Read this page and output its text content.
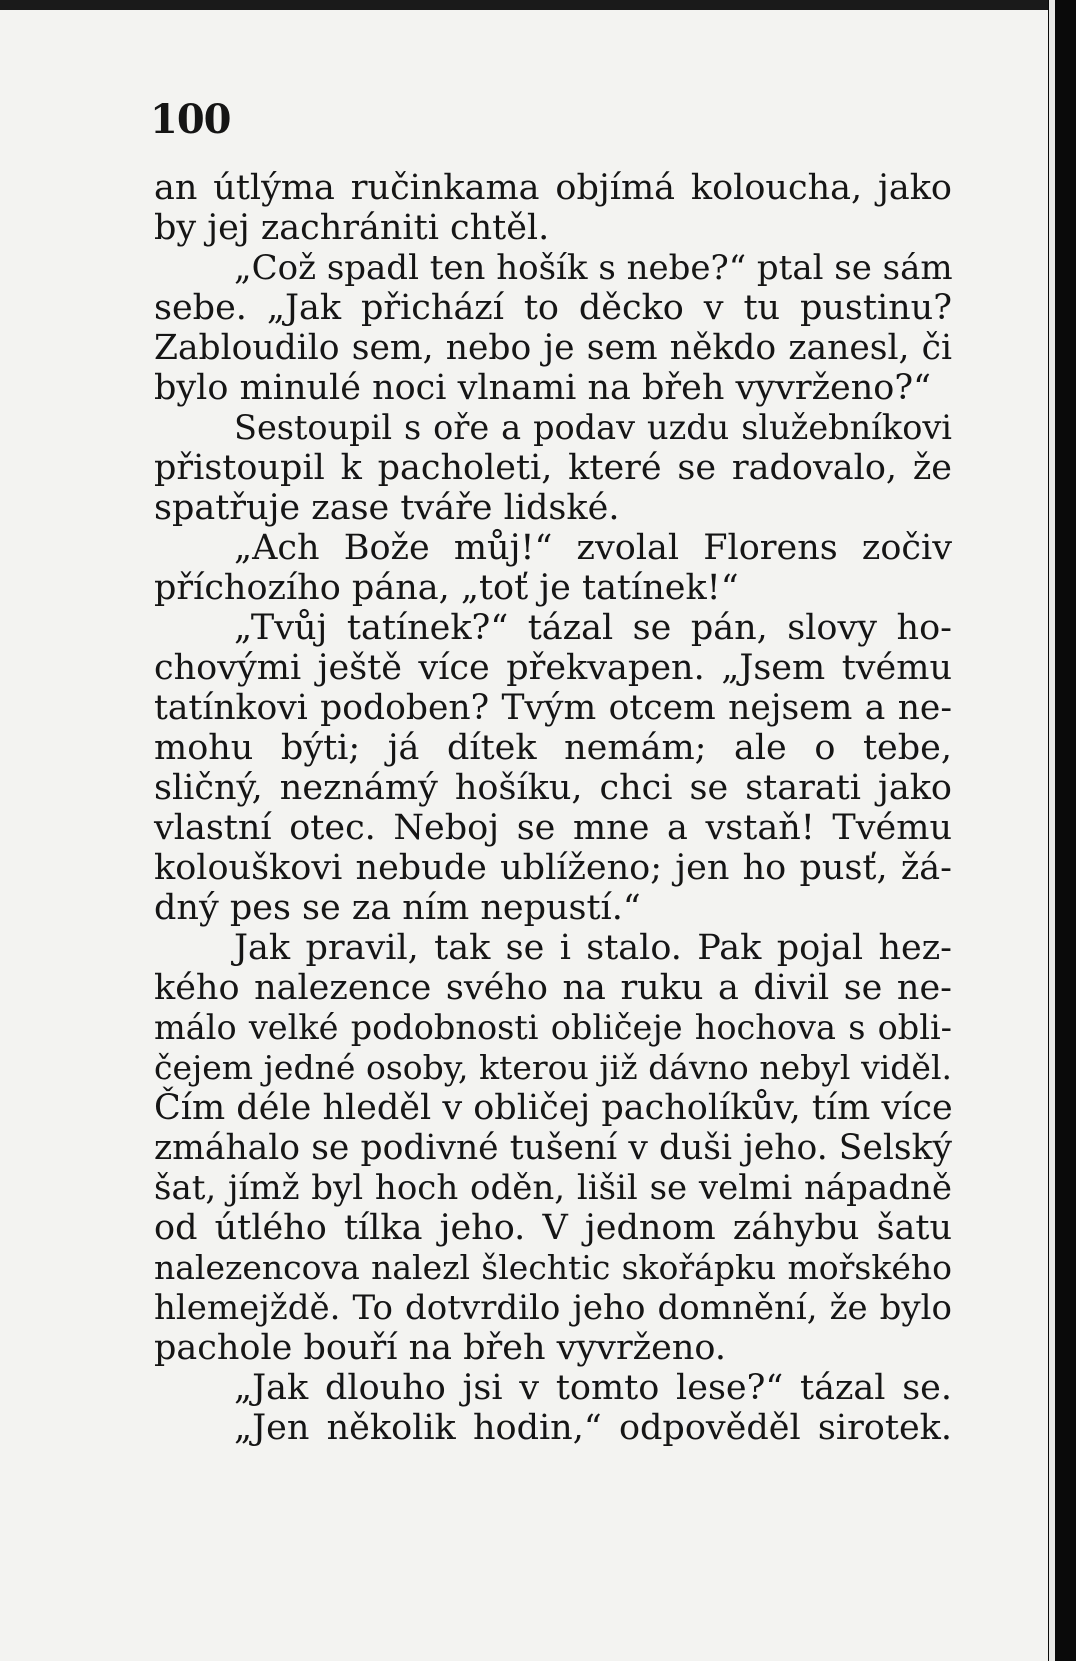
100
an útlýma ručinkama objímá koloucha, jako
by jej zachrániti chtěl.
„Což spadl ten hošík s nebe?“ ptal se sám
sebe. „Jak přichází to děcko v tu pustinu?
Zabloudilo sem, nebo je sem někdo zanesl, či
bylo minulé noci vlnami na břeh vyvrženo?“
Sestoupil s oře a podav uzdu služebníkovi
přistoupil k pacholeti, které se radovalo, že
spatřuje zase tváře lidské.
„Ach Bože můj!“ zvolal Florens zočiv
příchozího pána, „toť je tatínek!“
„Tvůj tatínek?“ tázal se pán, slovy ho-
chovými ještě více překvapen. „Jsem tvému
tatínkovi podoben? Tvým otcem nejsem a ne-
mohu býti; já dítek nemám; ale o tebe,
sličný, neznámý hošíku, chci se starati jako
vlastní otec. Neboj se mne a vstaň! Tvému
kolouškovi nebude ublíženo; jen ho pusť, žá-
dný pes se za ním nepustí.“
Jak pravil, tak se i stalo. Pak pojal hez-
kého nalezence svého na ruku a divil se ne-
málo velké podobnosti obličeje hochova s obli-
čejem jedné osoby, kterou již dávno nebyl viděl.
Čím déle hleděl v obličej pacholíkův, tím více
zmáhalo se podivné tušení v duši jeho. Selský
šat, jímž byl hoch oděn, lišil se velmi nápadně
od útlého tílka jeho. V jednom záhybu šatu
nalezencova nalezl šlechtic skořápku mořského
hlemejždě. To dotvrdilo jeho domnění, že bylo
pachole bouří na břeh vyvrženo.
„Jak dlouho jsi v tomto lese?“ tázal se.
„Jen několik hodin,“ odpověděl sirotek.
